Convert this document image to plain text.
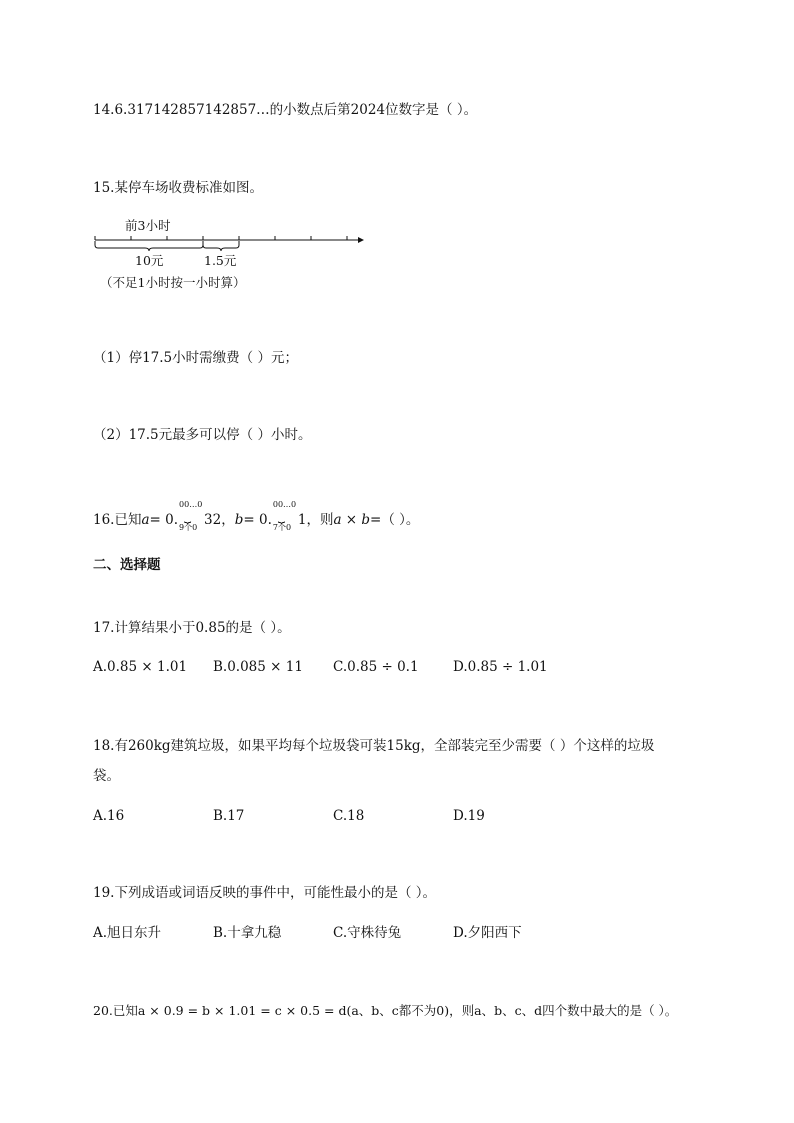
14.6.317142857142857…的小数点后第2024位数字是（ ）。
15.某停车场收费标准如图。
前3小时
10元	1.5元
（不足1小时按一小时算）
（1）停17.5小时需缴费（ ）元；
（2）17.5元最多可以停（ ）小时。
16.已知a= 0.
00…0
⏟
9个0 32，b= 0.
00…0
⏟
7个0 1，则a × b=（ ）。
二、选择题
17.计算结果小于0.85的是（ ）。
A.0.85 × 1.01 B.0.085 × 11 C.0.85 ÷ 0.1	D.0.85 ÷ 1.01
18.有260kg建筑垃圾，如果平均每个垃圾袋可装15kg，全部装完至少需要（ ）个这样的垃圾
袋。
A.16	B.17	C.18	D.19
19.下列成语或词语反映的事件中，可能性最小的是（ ）。
A.旭日东升	B.十拿九稳	C.守株待兔	D.夕阳西下
20.已知a × 0.9 = b × 1.01 = c × 0.5 = d(a、b、c都不为0)，则a、b、c、d四个数中最大的是（ ）。
